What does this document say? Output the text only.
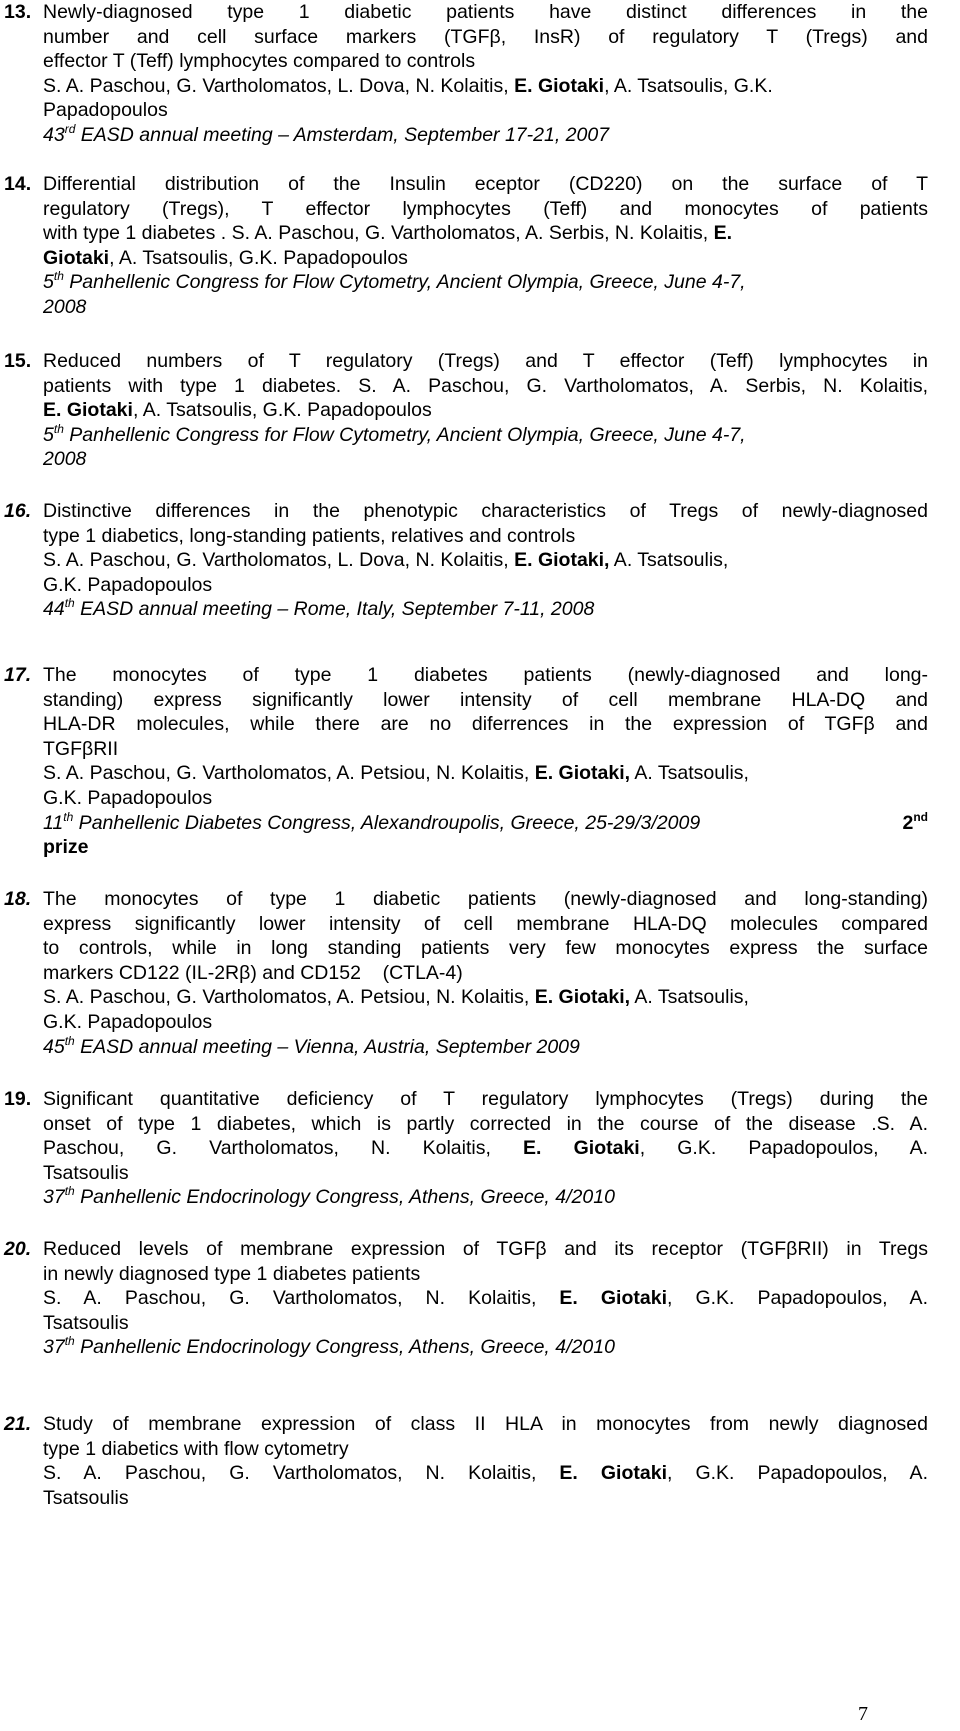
13. Newly-diagnosed type 1 diabetic patients have distinct differences in the
number and cell surface markers (TGFβ, InsR) of regulatory T (Tregs) and
effector T (Teff) lymphocytes compared to controls
S. A. Paschou, G. Vartholomatos, L. Dova, N. Kolaitis, E. Giotaki, A. Tsatsoulis, G.K.
Papadopoulos
43rd EASD annual meeting – Amsterdam, September 17-21, 2007
14. Differential distribution of the Insulin eceptor (CD220) on the surface of T
regulatory (Tregs), T effector lymphocytes (Teff) and monocytes of patients
with type 1 diabetes . S. A. Paschou, G. Vartholomatos, A. Serbis, N. Kolaitis, E.
Giotaki, A. Tsatsoulis, G.K. Papadopoulos
5th Panhellenic Congress for Flow Cytometry, Ancient Olympia, Greece, June 4-7,
2008
15. Reduced numbers of T regulatory (Tregs) and T effector (Teff) lymphocytes in
patients with type 1 diabetes. S. A. Paschou, G. Vartholomatos, A. Serbis, N. Kolaitis,
E. Giotaki, A. Tsatsoulis, G.K. Papadopoulos
5th Panhellenic Congress for Flow Cytometry, Ancient Olympia, Greece, June 4-7,
2008
16. Distinctive differences in the phenotypic characteristics of Tregs of newly-diagnosed
type 1 diabetics, long-standing patients, relatives and controls
S. A. Paschou, G. Vartholomatos, L. Dova, N. Kolaitis, E. Giotaki, A. Tsatsoulis,
G.K. Papadopoulos
44th EASD annual meeting – Rome, Italy, September 7-11, 2008
17. The monocytes of type 1 diabetes patients (newly-diagnosed and long-
standing) express significantly lower intensity of cell membrane HLA-DQ and
HLA-DR molecules, while there are no diferrences in the expression of TGFβ and
TGFβRII
S. A. Paschou, G. Vartholomatos, A. Petsiou, N. Kolaitis, E. Giotaki, A. Tsatsoulis,
G.K. Papadopoulos
11th Panhellenic Diabetes Congress, Alexandroupolis, Greece, 25-29/3/2009	2nd
prize
18. The monocytes of type 1 diabetic patients (newly-diagnosed and long-standing)
express significantly lower intensity of cell membrane HLA-DQ molecules compared
to controls, while in long standing patients very few monocytes express the surface
markers CD122 (IL-2Rβ) and CD152    (CTLA-4)
S. A. Paschou, G. Vartholomatos, A. Petsiou, N. Kolaitis, E. Giotaki, A. Tsatsoulis,
G.K. Papadopoulos
45th EASD annual meeting – Vienna, Austria, September 2009
19. Significant quantitative deficiency of T regulatory lymphocytes (Tregs) during the
onset of type 1 diabetes, which is partly corrected in the course of the disease .S. A.
Paschou, G. Vartholomatos, N. Kolaitis, E. Giotaki, G.K. Papadopoulos, A.
Tsatsoulis
37th Panhellenic Endocrinology Congress, Athens, Greece, 4/2010
20. Reduced levels of membrane expression of TGFβ and its receptor (TGFβRII) in Tregs
in newly diagnosed type 1 diabetes patients
S. A. Paschou, G. Vartholomatos, N. Kolaitis, E. Giotaki, G.K. Papadopoulos, A.
Tsatsoulis
37th Panhellenic Endocrinology Congress, Athens, Greece, 4/2010
21. Study of membrane expression of class II HLA in monocytes from newly diagnosed
type 1 diabetics with flow cytometry
S. A. Paschou, G. Vartholomatos, N. Kolaitis, E. Giotaki, G.K. Papadopoulos, A.
Tsatsoulis
7
